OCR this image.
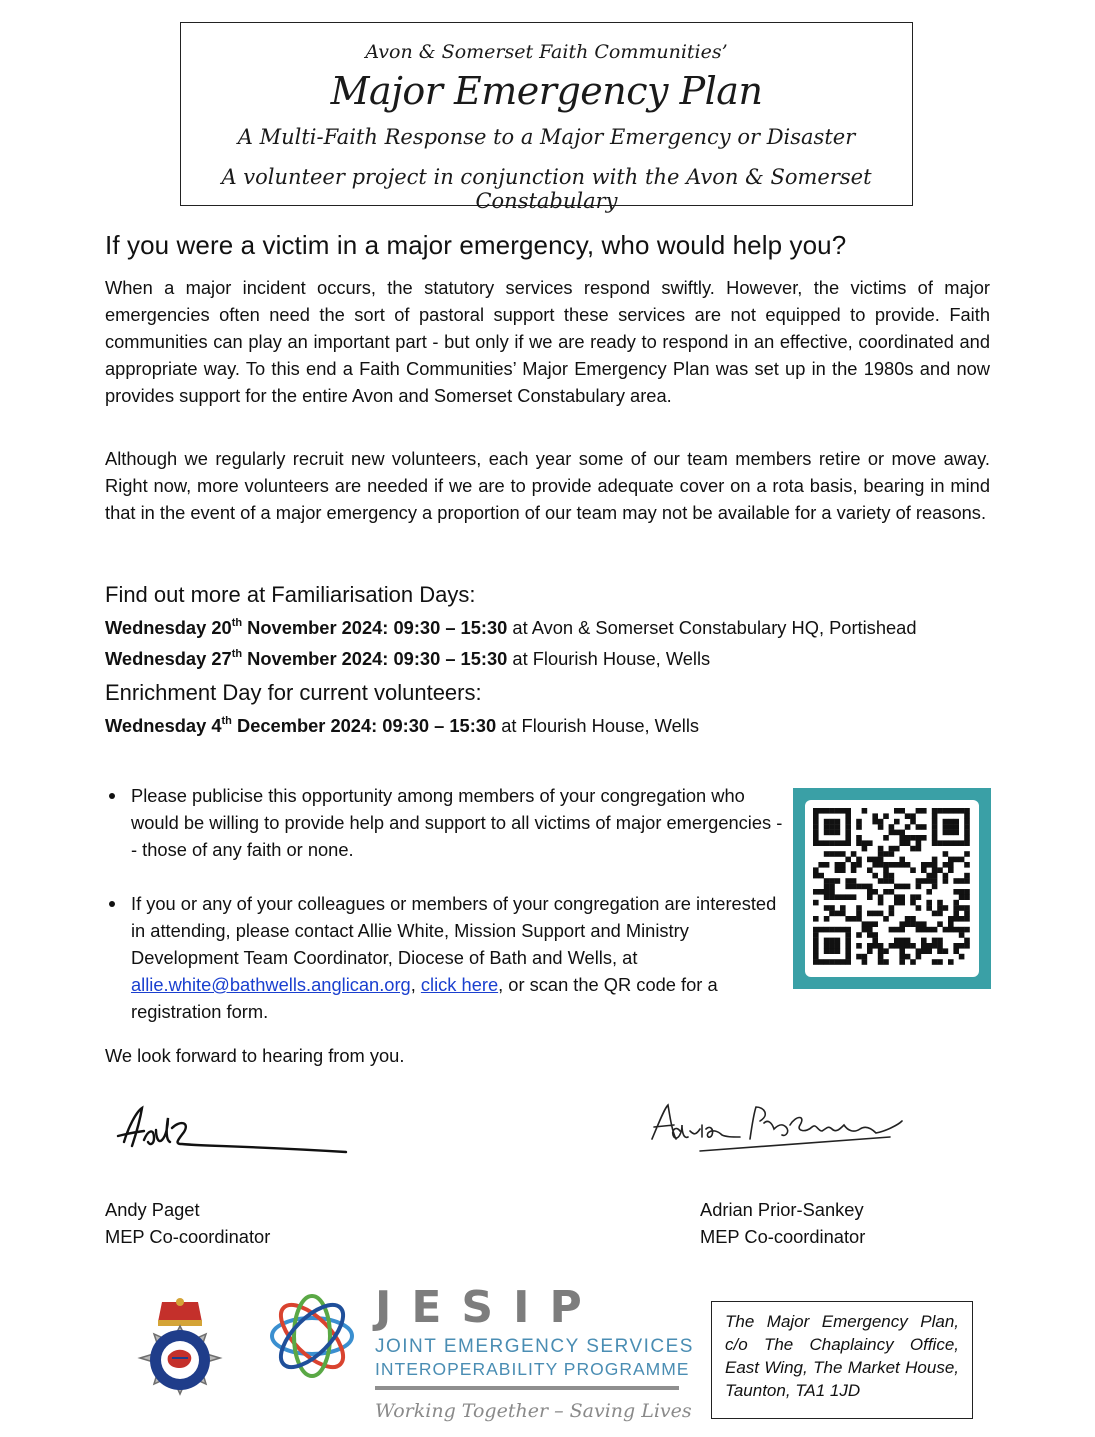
Avon & Somerset Faith Communities’
Major Emergency Plan
A Multi-Faith Response to a Major Emergency or Disaster
A volunteer project in conjunction with the Avon & Somerset Constabulary
If you were a victim in a major emergency, who would help you?
When a major incident occurs, the statutory services respond swiftly. However, the victims of major emergencies often need the sort of pastoral support these services are not equipped to provide. Faith communities can play an important part - but only if we are ready to respond in an effective, coordinated and appropriate way. To this end a Faith Communities’ Major Emergency Plan was set up in the 1980s and now provides support for the entire Avon and Somerset Constabulary area.
Although we regularly recruit new volunteers, each year some of our team members retire or move away. Right now, more volunteers are needed if we are to provide adequate cover on a rota basis, bearing in mind that in the event of a major emergency a proportion of our team may not be available for a variety of reasons.
Find out more at Familiarisation Days:
Wednesday 20th November 2024: 09:30 – 15:30 at Avon & Somerset Constabulary HQ, Portishead
Wednesday 27th November 2024: 09:30 – 15:30 at Flourish House, Wells
Enrichment Day for current volunteers:
Wednesday 4th December 2024: 09:30 – 15:30 at Flourish House, Wells
Please publicise this opportunity among members of your congregation who would be willing to provide help and support to all victims of major emergencies -- those of any faith or none.
If you or any of your colleagues or members of your congregation are interested in attending, please contact Allie White, Mission Support and Ministry Development Team Coordinator, Diocese of Bath and Wells, at allie.white@bathwells.anglican.org, click here, or scan the QR code for a registration form.
We look forward to hearing from you.
Andy Paget
MEP Co-coordinator
Adrian Prior-Sankey
MEP Co-coordinator
JESIP
JOINT EMERGENCY SERVICES
INTEROPERABILITY PROGRAMME
Working Together – Saving Lives
The Major Emergency Plan, c/o The Chaplaincy Office, East Wing, The Market House, Taunton, TA1 1JD
